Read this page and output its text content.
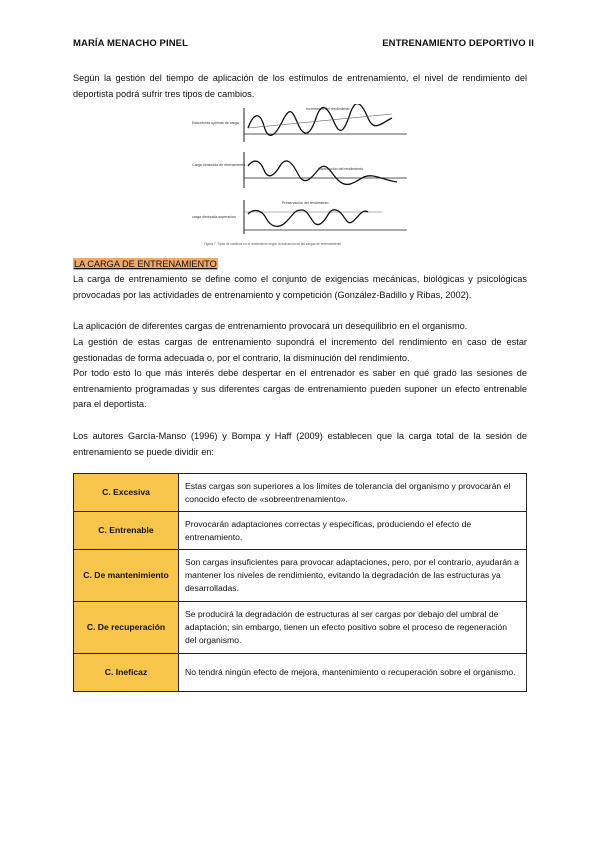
MARÍA MENACHO PINEL	ENTRENAMIENTO DEPORTIVO II
Según la gestión del tiempo de aplicación de los estímulos de entrenamiento, el nivel de rendimiento del deportista podrá sufrir tres tipos de cambios.
Estructuras optimas de carga
Incremento del rendimiento
Carga diminuida de ntrenamiento
Disminución del rendimiento
carga diminuida superacion
Preservación del rendimiento
Figura 7. Tipos de cambios en el rendimiento según la estructura de las cargas de entrenamiento
LA CARGA DE ENTRENAMIENTO
La carga de entrenamiento se define como el conjunto de exigencias mecánicas, biológicas y psicológicas provocadas por las actividades de entrenamiento y competición (González-Badillo y Ribas, 2002).
La aplicación de diferentes cargas de entrenamiento provocará un desequilibrio en el organismo.
La gestión de estas cargas de entrenamiento supondrá el incremento del rendimiento en caso de estar gestionadas de forma adecuada o, por el contrario, la disminución del rendimiento.
Por todo esto lo que más interés debe despertar en el entrenador es saber en qué grado las sesiones de entrenamiento programadas y sus diferentes cargas de entrenamiento pueden suponer un efecto entrenable para el deportista.
Los autores García-Manso (1996) y Bompa y Haff (2009) establecen que la carga total de la sesión de entrenamiento se puede dividir en:
C. Excesiva	Estas cargas son superiores a los límites de tolerancia del organismo y provocarán el conocido efecto de «sobreentrenamiento».
C. Entrenable	Provocarán adaptaciones correctas y específicas, produciendo el efecto de entrenamiento.
C. De mantenimiento	Son cargas insuficientes para provocar adaptaciones, pero, por el contrario, ayudarán a mantener los niveles de rendimiento, evitando la degradación de las estructuras ya desarrolladas.
C. De recuperación	Se producirá la degradación de estructuras al ser cargas por debajo del umbral de adaptación; sin embargo, tienen un efecto positivo sobre el proceso de regeneración del organismo.
C. Ineficaz	No tendrá ningún efecto de mejora, mantenimiento o recuperación sobre el organismo.
